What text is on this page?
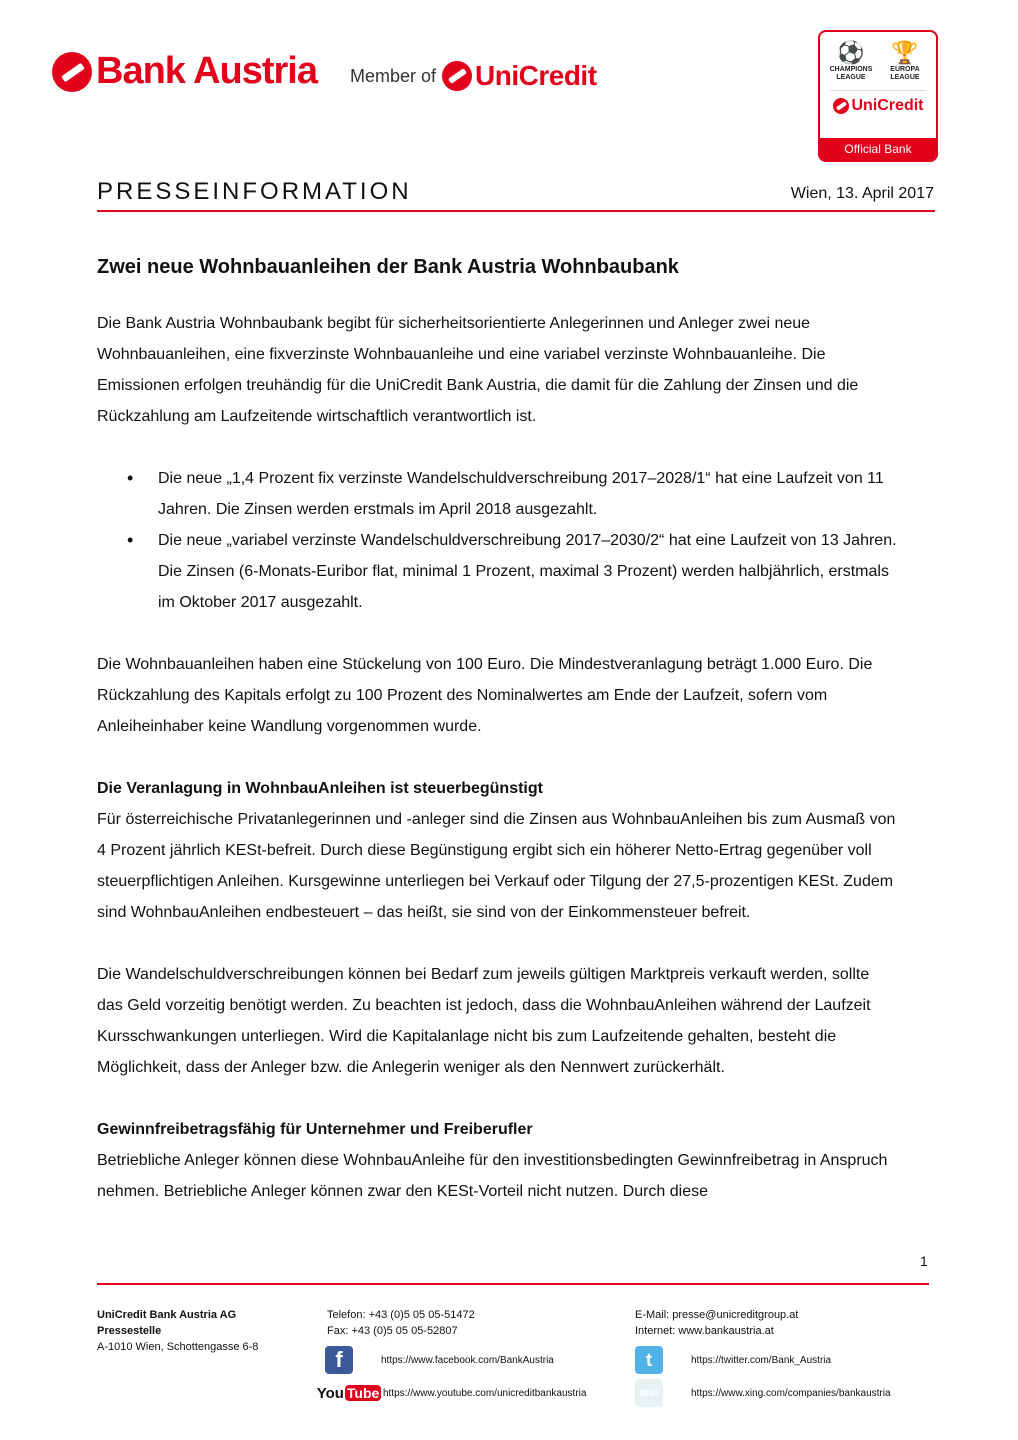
Bank Austria Member of UniCredit
⚽
CHAMPIONS LEAGUE
🏆
EUROPA LEAGUE
UniCredit
Official Bank
PRESSEINFORMATION	Wien, 13. April 2017
Zwei neue Wohnbauanleihen der Bank Austria Wohnbaubank

Die Bank Austria Wohnbaubank begibt für sicherheitsorientierte Anlegerinnen und Anleger zwei neue Wohnbauanleihen, eine fixverzinste Wohnbauanleihe und eine variabel verzinste Wohnbauanleihe. Die Emissionen erfolgen treuhändig für die UniCredit Bank Austria, die damit für die Zahlung der Zinsen und die Rückzahlung am Laufzeitende wirtschaftlich verantwortlich ist.

• Die neue „1,4 Prozent fix verzinste Wandelschuldverschreibung 2017–2028/1“ hat eine Laufzeit von 11 Jahren. Die Zinsen werden erstmals im April 2018 ausgezahlt.
• Die neue „variabel verzinste Wandelschuldverschreibung 2017–2030/2“ hat eine Laufzeit von 13 Jahren. Die Zinsen (6-Monats-Euribor flat, minimal 1 Prozent, maximal 3 Prozent) werden halbjährlich, erstmals im Oktober 2017 ausgezahlt.

Die Wohnbauanleihen haben eine Stückelung von 100 Euro. Die Mindestveranlagung beträgt 1.000 Euro. Die Rückzahlung des Kapitals erfolgt zu 100 Prozent des Nominalwertes am Ende der Laufzeit, sofern vom Anleiheinhaber keine Wandlung vorgenommen wurde.

Die Veranlagung in WohnbauAnleihen ist steuerbegünstigt

Für österreichische Privatanlegerinnen und -anleger sind die Zinsen aus WohnbauAnleihen bis zum Ausmaß von 4 Prozent jährlich KESt-befreit. Durch diese Begünstigung ergibt sich ein höherer Netto-Ertrag gegenüber voll steuerpflichtigen Anleihen. Kursgewinne unterliegen bei Verkauf oder Tilgung der 27,5-prozentigen KESt. Zudem sind WohnbauAnleihen endbesteuert – das heißt, sie sind von der Einkommensteuer befreit.

Die Wandelschuldverschreibungen können bei Bedarf zum jeweils gültigen Marktpreis verkauft werden, sollte das Geld vorzeitig benötigt werden. Zu beachten ist jedoch, dass die WohnbauAnleihen während der Laufzeit Kursschwankungen unterliegen. Wird die Kapitalanlage nicht bis zum Laufzeitende gehalten, besteht die Möglichkeit, dass der Anleger bzw. die Anlegerin weniger als den Nennwert zurückerhält.

Gewinnfreibetragsfähig für Unternehmer und Freiberufler

Betriebliche Anleger können diese WohnbauAnleihe für den investitionsbedingten Gewinnfreibetrag in Anspruch nehmen. Betriebliche Anleger können zwar den KESt-Vorteil nicht nutzen. Durch diese

1
UniCredit Bank Austria AG
Pressestelle
A-1010 Wien, Schottengasse 6-8
Telefon: +43 (0)5 05 05-51472
Fax: +43 (0)5 05 05-52807
E-Mail: presse@unicreditgroup.at
Internet: www.bankaustria.at
f	https://www.facebook.com/BankAustria
You Tube https://www.youtube.com/unicreditbankaustria
t	https://twitter.com/Bank_Austria
XING	https://www.xing.com/companies/bankaustria
